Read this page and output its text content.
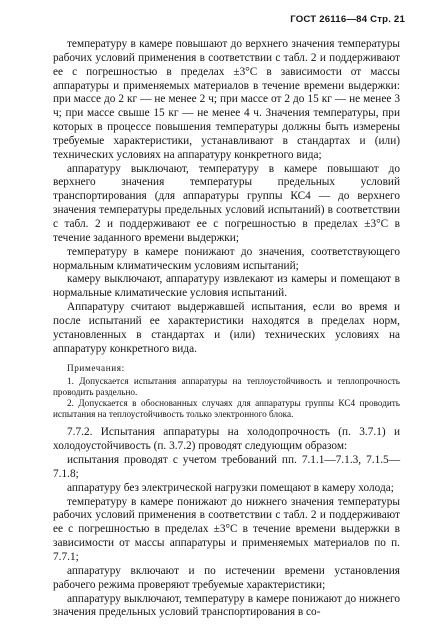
ГОСТ 26116—84 Стр. 21

температуру в камере повышают до верхнего значения температуры рабочих условий применения в соответствии с табл. 2 и поддерживают ее с погрешностью в пределах ±3°С в зависимости от массы аппаратуры и применяемых материалов в течение времени выдержки: при массе до 2 кг — не менее 2 ч; при массе от 2 до 15 кг — не менее 3 ч; при массе свыше 15 кг — не менее 4 ч. Значения температуры, при которых в процессе повышения температуры должны быть измерены требуемые характеристики, устанавливают в стандартах и (или) технических условиях на аппаратуру конкретного вида;

аппаратуру выключают, температуру в камере повышают до верхнего значения температуры предельных условий транспортирования (для аппаратуры группы КС4 — до верхнего значения температуры предельных условий испытаний) в соответствии с табл. 2 и поддерживают ее с погрешностью в пределах ±3°С в течение заданного времени выдержки;

температуру в камере понижают до значения, соответствующего нормальным климатическим условиям испытаний;

камеру выключают, аппаратуру извлекают из камеры и помещают в нормальные климатические условия испытаний.

Аппаратуру считают выдержавшей испытания, если во время и после испытаний ее характеристики находятся в пределах норм, установленных в стандартах и (или) технических условиях на аппаратуру конкретного вида.

Примечания:

1. Допускается испытания аппаратуры на теплоустойчивость и теплопрочность проводить раздельно.

2. Допускается в обоснованных случаях для аппаратуры группы КС4 проводить испытания на теплоустойчивость только электронного блока.

7.7.2. Испытания аппаратуры на холодопрочность (п. 3.7.1) и холодоустойчивость (п. 3.7.2) проводят следующим образом:

испытания проводят с учетом требований пп. 7.1.1—7.1.3, 7.1.5—7.1.8;

аппаратуру без электрической нагрузки помещают в камеру холода;

температуру в камере понижают до нижнего значения температуры рабочих условий применения в соответствии с табл. 2 и поддерживают ее с погрешностью в пределах ±3°С в течение времени выдержки в зависимости от массы аппаратуры и применяемых материалов по п. 7.7.1;

аппаратуру включают и по истечении времени установления рабочего режима проверяют требуемые характеристики;

аппаратуру выключают, температуру в камере понижают до нижнего значения предельных условий транспортирования в со-
